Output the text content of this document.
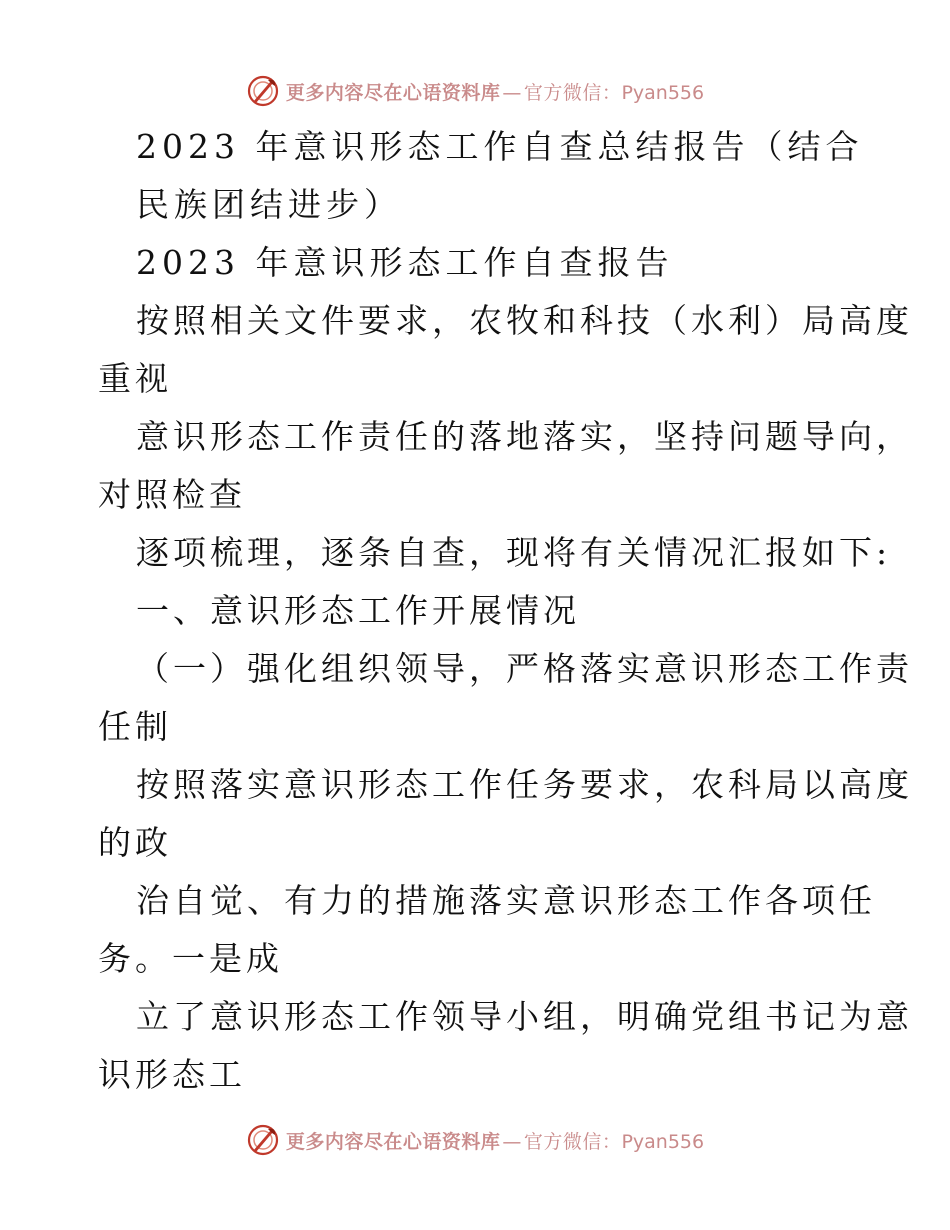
更多内容尽在心语资料库 — 官方微信：Pyan556
2023 年意识形态工作自查总结报告（结合
民族团结进步）
2023 年意识形态工作自查报告
按照相关文件要求，农牧和科技（水利）局高度
重视
意识形态工作责任的落地落实，坚持问题导向，
对照检查
逐项梳理，逐条自查，现将有关情况汇报如下:
一、意识形态工作开展情况
（一）强化组织领导，严格落实意识形态工作责
任制
按照落实意识形态工作任务要求，农科局以高度
的政
治自觉、有力的措施落实意识形态工作各项任
务。一是成
立了意识形态工作领导小组，明确党组书记为意
识形态工
更多内容尽在心语资料库 — 官方微信：Pyan556
